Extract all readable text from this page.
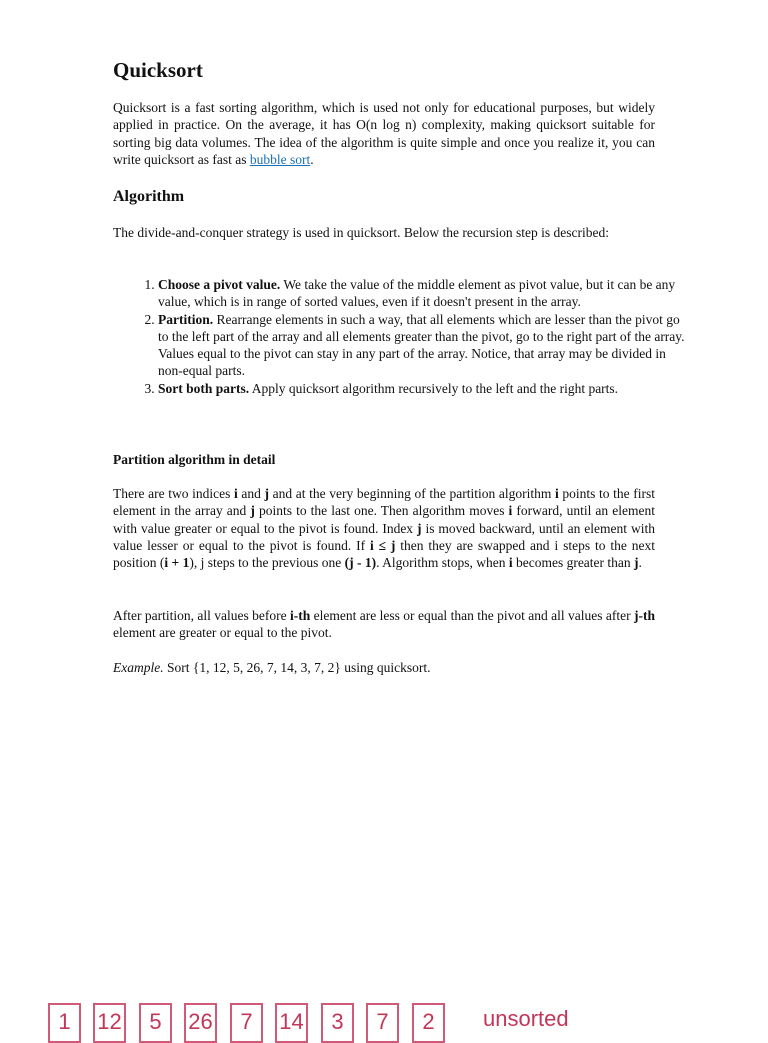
Quicksort

Quicksort is a fast sorting algorithm, which is used not only for educational purposes, but widely applied in practice. On the average, it has O(n log n) complexity, making quicksort suitable for sorting big data volumes. The idea of the algorithm is quite simple and once you realize it, you can write quicksort as fast as bubble sort.

Algorithm

The divide-and-conquer strategy is used in quicksort. Below the recursion step is described:

1. Choose a pivot value. We take the value of the middle element as pivot value, but it can be any value, which is in range of sorted values, even if it doesn't present in the array.
2. Partition. Rearrange elements in such a way, that all elements which are lesser than the pivot go to the left part of the array and all elements greater than the pivot, go to the right part of the array. Values equal to the pivot can stay in any part of the array. Notice, that array may be divided in non-equal parts.
3. Sort both parts. Apply quicksort algorithm recursively to the left and the right parts.
Partition algorithm in detail

There are two indices i and j and at the very beginning of the partition algorithm i points to the first element in the array and j points to the last one. Then algorithm moves i forward, until an element with value greater or equal to the pivot is found. Index j is moved backward, until an element with value lesser or equal to the pivot is found. If i ≤ j then they are swapped and i steps to the next position (i + 1), j steps to the previous one (j - 1). Algorithm stops, when i becomes greater than j.

After partition, all values before i-th element are less or equal than the pivot and all values after j-th element are greater or equal to the pivot.

Example. Sort {1, 12, 5, 26, 7, 14, 3, 7, 2} using quicksort.

1	12	5	26	7	14	3	7	2	unsorted
